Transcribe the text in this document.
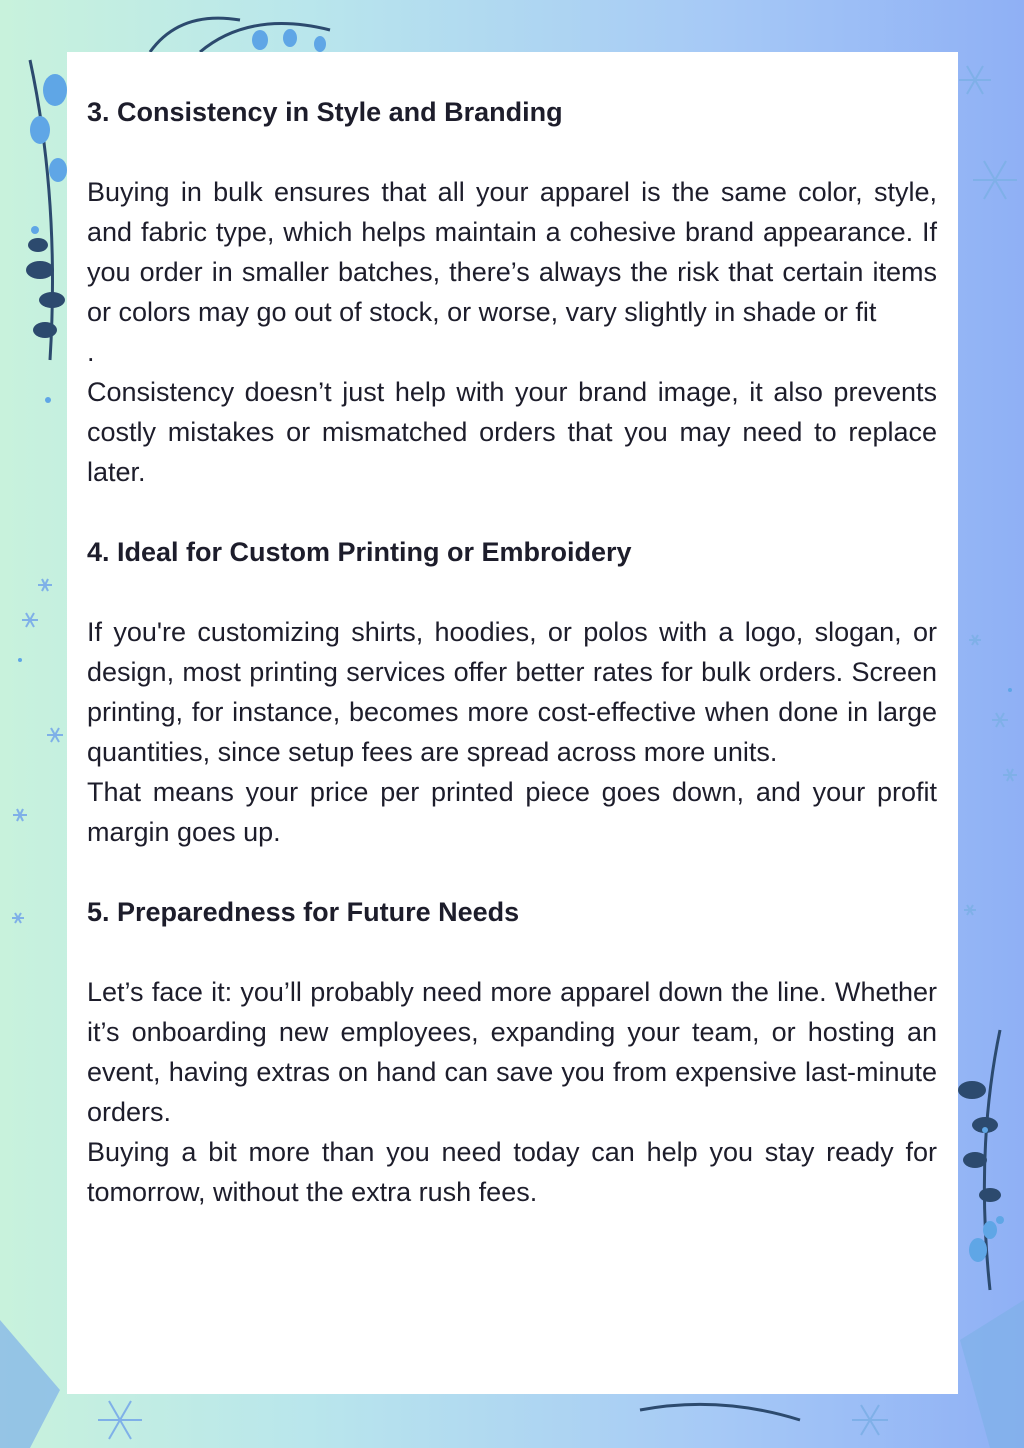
3. Consistency in Style and Branding

Buying in bulk ensures that all your apparel is the same color, style, and fabric type, which helps maintain a cohesive brand appearance. If you order in smaller batches, there’s always the risk that certain items or colors may go out of stock, or worse, vary slightly in shade or fit

.

Consistency doesn’t just help with your brand image, it also prevents costly mistakes or mismatched orders that you may need to replace later.

4. Ideal for Custom Printing or Embroidery

If you're customizing shirts, hoodies, or polos with a logo, slogan, or design, most printing services offer better rates for bulk orders. Screen printing, for instance, becomes more cost-effective when done in large quantities, since setup fees are spread across more units.

That means your price per printed piece goes down, and your profit margin goes up.

5. Preparedness for Future Needs

Let’s face it: you’ll probably need more apparel down the line. Whether it’s onboarding new employees, expanding your team, or hosting an event, having extras on hand can save you from expensive last-minute orders.

Buying a bit more than you need today can help you stay ready for tomorrow, without the extra rush fees.
